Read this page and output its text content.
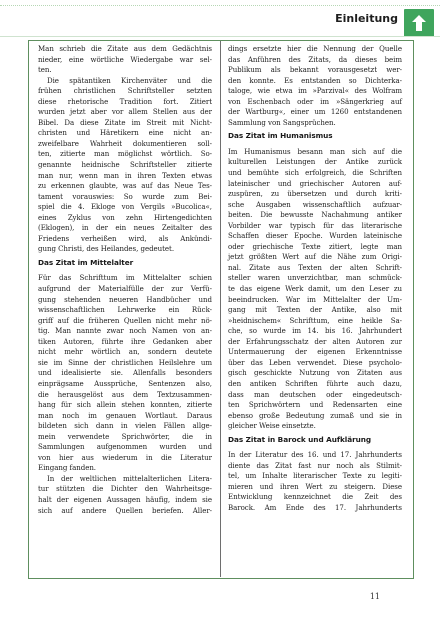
Einleitung
Man schrieb die Zitate aus dem Gedächtnis
nieder, eine wörtliche Wiedergabe war sel-
ten.
Die spätantiken Kirchenväter und die
frühen christlichen Schriftsteller setzten
diese rhetorische Tradition fort. Zitiert
wurden jetzt aber vor allem Stellen aus der
Bibel. Da diese Zitate im Streit mit Nicht-
christen und Häretikern eine nicht an-
zweifelbare Wahrheit dokumentieren soll-
ten, zitierte man möglichst wörtlich. So-
genannte heidnische Schriftsteller zitierte
man nur, wenn man in ihren Texten etwas
zu erkennen glaubte, was auf das Neue Tes-
tament vorauswies: So wurde zum Bei-
spiel die 4. Ekloge von Vergils »Bucolica«,
eines Zyklus von zehn Hirtengedichten
(Eklogen), in der ein neues Zeitalter des
Friedens verheißen wird, als Ankündi-
gung Christi, des Heilandes, gedeutet.
Das Zitat im Mittelalter
Für das Schrifttum im Mittelalter schien
aufgrund der Materialfülle der zur Verfü-
gung stehenden neueren Handbücher und
wissenschaftlichen Lehrwerke ein Rück-
griff auf die früheren Quellen nicht mehr nö-
tig. Man nannte zwar noch Namen von an-
tiken Autoren, führte ihre Gedanken aber
nicht mehr wörtlich an, sondern deutete
sie im Sinne der christlichen Heilslehre um
und idealisierte sie. Allenfalls besonders
einprägsame Aussprüche, Sentenzen also,
die herausgelöst aus dem Textzusammen-
hang für sich allein stehen konnten, zitierte
man noch im genauen Wortlaut. Daraus
bildeten sich dann in vielen Fällen allge-
mein verwendete Sprichwörter, die in
Sammlungen aufgenommen wurden und
von hier aus wiederum in die Literatur
Eingang fanden.
In der weltlichen mittelalterlichen Litera-
tur stützten die Dichter den Wahrheitsge-
halt der eigenen Aussagen häufig, indem sie
sich auf andere Quellen beriefen. Aller-
dings ersetzte hier die Nennung der Quelle
das Anführen des Zitats, da dieses beim
Publikum als bekannt vorausgesetzt wer-
den konnte. Es entstanden so Dichterka-
taloge, wie etwa im »Parzival« des Wolfram
von Eschenbach oder im »Sängerkrieg auf
der Wartburg«, einer um 1260 entstandenen
Sammlung von Sangsprüchen.
Das Zitat im Humanismus
Im Humanismus besann man sich auf die
kulturellen Leistungen der Antike zurück
und bemühte sich erfolgreich, die Schriften
lateinischer und griechischer Autoren auf-
zuspüren, zu übersetzen und durch kriti-
sche Ausgaben wissenschaftlich aufzuar-
beiten. Die bewusste Nachahmung antiker
Vorbilder war typisch für das literarische
Schaffen dieser Epoche. Wurden lateinische
oder griechische Texte zitiert, legte man
jetzt größten Wert auf die Nähe zum Origi-
nal. Zitate aus Texten der alten Schrift-
steller waren unverzichtbar, man schmück-
te das eigene Werk damit, um den Leser zu
beeindrucken. War im Mittelalter der Um-
gang mit Texten der Antike, also mit
»heidnischem« Schrifttum, eine heikle Sa-
che, so wurde im 14. bis 16. Jahrhundert
der Erfahrungsschatz der alten Autoren zur
Untermauerung der eigenen Erkenntnisse
über das Leben verwendet. Diese psycholo-
gisch geschickte Nutzung von Zitaten aus
den antiken Schriften führte auch dazu,
dass man deutschen oder eingedeutsch-
ten Sprichwörtern und Redensarten eine
ebenso große Bedeutung zumaß und sie in
gleicher Weise einsetzte.
Das Zitat in Barock und Aufklärung
In der Literatur des 16. und 17. Jahrhunderts
diente das Zitat fast nur noch als Stilmit-
tel, um Inhalte literarischer Texte zu legiti-
mieren und ihren Wert zu steigern. Diese
Entwicklung kennzeichnet die Zeit des
Barock. Am Ende des 17. Jahrhunderts
11
